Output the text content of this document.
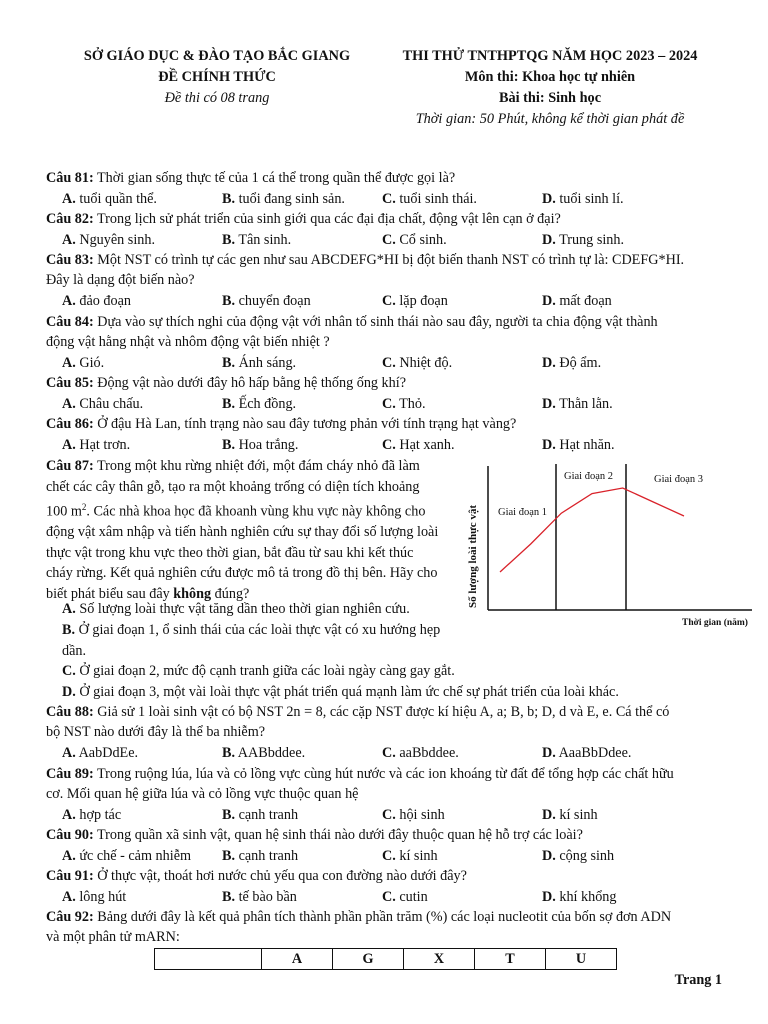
SỞ GIÁO DỤC & ĐÀO TẠO BẮC GIANG
ĐỀ CHÍNH THỨC
Đề thi có 08 trang
THI THỬ TNTHPTQG NĂM HỌC 2023 – 2024
Môn thi: Khoa học tự nhiên
Bài thi: Sinh học
Thời gian: 50 Phút, không kể thời gian phát đề
Câu 81: Thời gian sống thực tế của 1 cá thể trong quần thể được gọi là?
A. tuổi quần thể.	B. tuổi đang sinh sản.	C. tuổi sinh thái.	D. tuổi sinh lí.
Câu 82: Trong lịch sử phát triển của sinh giới qua các đại địa chất, động vật lên cạn ở đại?
A. Nguyên sinh.	B. Tân sinh.	C. Cổ sinh.	D. Trung sinh.
Câu 83: Một NST có trình tự các gen như sau ABCDEFG*HI bị đột biến thanh NST có trình tự là: CDEFG*HI.
Đây là dạng đột biến nào?
A. đảo đoạn	B. chuyển đoạn	C. lặp đoạn	D. mất đoạn
Câu 84: Dựa vào sự thích nghi của động vật với nhân tố sinh thái nào sau đây, người ta chia động vật thành
động vật hằng nhật và nhôm động vật biến nhiệt ?
A. Gió.	B. Ánh sáng.	C. Nhiệt độ.	D. Độ ẩm.
Câu 85: Động vật nào dưới đây hô hấp bằng hệ thống ống khí?
A. Châu chấu.	B. Ếch đồng.	C. Thỏ.	D. Thằn lằn.
Câu 86: Ở đậu Hà Lan, tính trạng nào sau đây tương phản với tính trạng hạt vàng?
A. Hạt trơn.	B. Hoa trắng.	C. Hạt xanh.	D. Hạt nhăn.
Câu 87: Trong một khu rừng nhiệt đới, một đám cháy nhỏ đã làm chết các cây thân gỗ, tạo ra một khoảng trống có diện tích khoảng 100 $m^2$. Các nhà khoa học đã khoanh vùng khu vực này không cho động vật xâm nhập và tiến hành nghiên cứu sự thay đổi số lượng loài thực vật trong khu vực theo thời gian, bắt đầu từ sau khi kết thúc cháy rừng. Kết quả nghiên cứu được mô tả trong đồ thị bên. Hãy cho biết phát biểu sau đây không đúng?
A. Số lượng loài thực vật tăng dần theo thời gian nghiên cứu.
B. Ở giai đoạn 1, ổ sinh thái của các loài thực vật có xu hướng hẹp dần.
C. Ở giai đoạn 2, mức độ cạnh tranh giữa các loài ngày càng gay gắt.
D. Ở giai đoạn 3, một vài loài thực vật phát triển quá mạnh làm ức chế sự phát triển của loài khác.
Giai đoạn 1
Giai đoạn 2	Giai đoạn 3
Số lượng loài thực vật
Thời gian (năm)
Câu 88: Giả sử 1 loài sinh vật có bộ NST 2n = 8, các cặp NST được kí hiệu A, a; B, b; D, d và E, e. Cá thể có
bộ NST nào dưới đây là thể ba nhiễm?
A. AabDdEe.	B. AABbddee.	C. aaBbddee.	D. AaaBbDdee.
Câu 89: Trong ruộng lúa, lúa và cỏ lồng vực cùng hút nước và các ion khoáng từ đất để tổng hợp các chất hữu
cơ. Mối quan hệ giữa lúa và cỏ lồng vực thuộc quan hệ
A. hợp tác	B. cạnh tranh	C. hội sinh	D. kí sinh
Câu 90: Trong quần xã sinh vật, quan hệ sinh thái nào dưới đây thuộc quan hệ hỗ trợ các loài?
A. ức chế - cảm nhiễm B. cạnh tranh	C. kí sinh	D. cộng sinh
Câu 91: Ở thực vật, thoát hơi nước chủ yếu qua con đường nào dưới đây?
A. lông hút	B. tế bào bần	C. cutin	D. khí khổng
Câu 92: Bảng dưới đây là kết quả phân tích thành phần phần trăm (%) các loại nucleotit của bốn sợ đơn ADN
và một phân tử mARN:
	A	G	X	T	U
Trang 1
